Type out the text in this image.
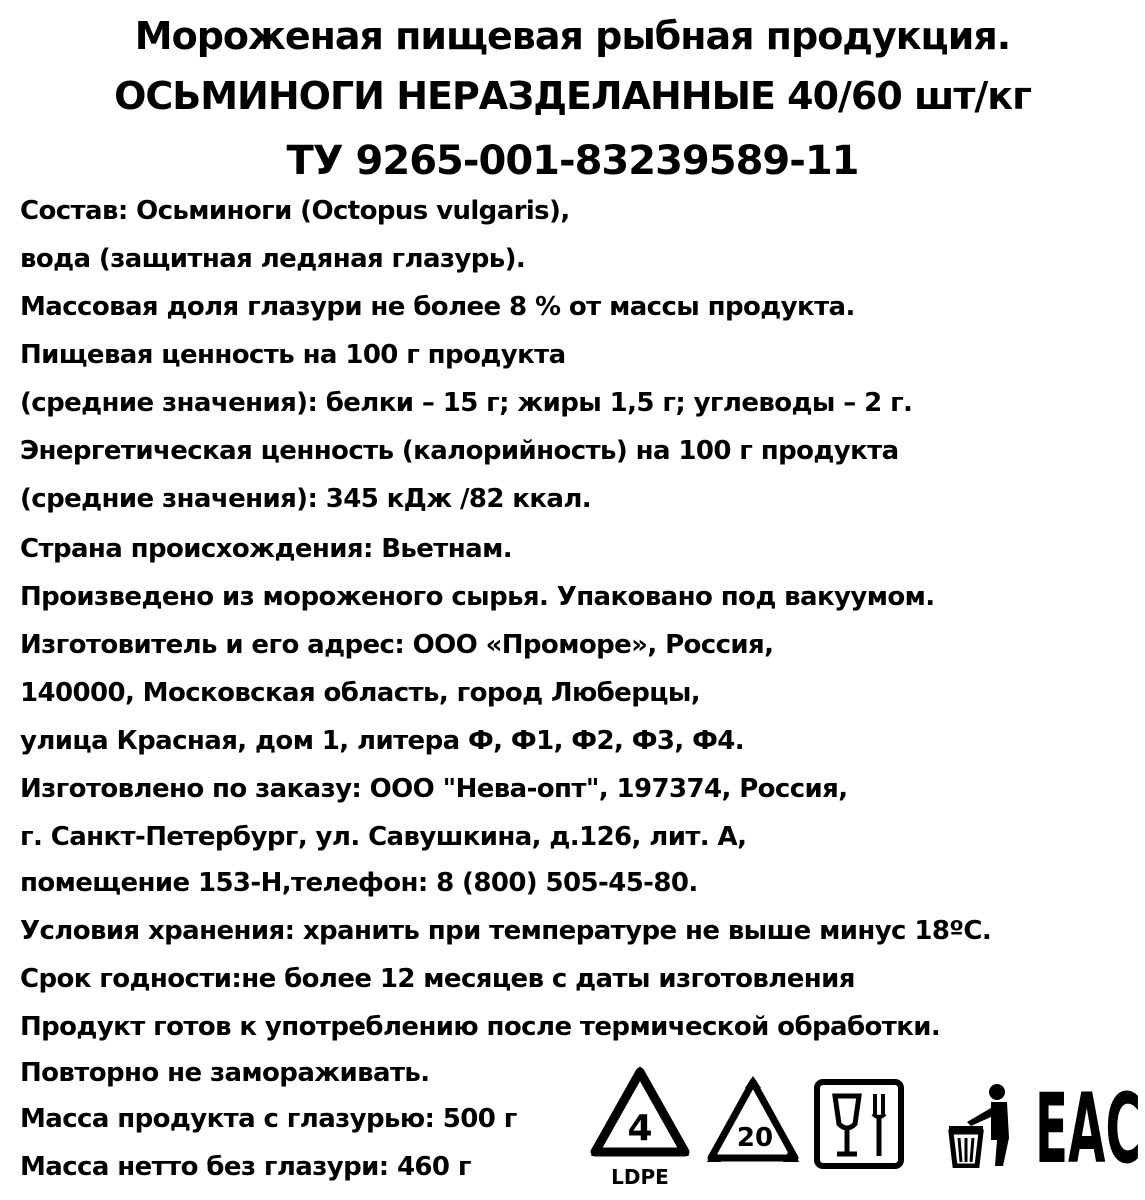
Мороженая пищевая рыбная продукция.
ОСЬМИНОГИ НЕРАЗДЕЛАННЫЕ 40/60 шт/кг
ТУ 9265-001-83239589-11
Состав: Осьминоги (Octopus vulgaris),
вода (защитная ледяная глазурь).
Массовая доля глазури не более 8 % от массы продукта.
Пищевая ценность на 100 г продукта
(средние значения): белки – 15 г; жиры 1,5 г; углеводы – 2 г.
Энергетическая ценность (калорийность) на 100 г продукта
(средние значения): 345 кДж /82 ккал.
Страна происхождения: Вьетнам.
Произведено из мороженого сырья. Упаковано под вакуумом.
Изготовитель и его адрес: ООО «Проморе», Россия,
140000, Московская область, город Люберцы,
улица Красная, дом 1, литера Ф, Ф1, Ф2, Ф3, Ф4.
Изготовлено по заказу: ООО "Нева-опт", 197374, Россия,
г. Санкт-Петербург, ул. Савушкина, д.126, лит. А,
помещение 153-Н,телефон: 8 (800) 505-45-80.
Условия хранения: хранить при температуре не выше минус 18ºC.
Срок годности:не более 12 месяцев с даты изготовления
Продукт готов к употреблению после термической обработки.
Повторно не замораживать.
Масса продукта с глазурью: 500 г
Масса нетто без глазури: 460 г
4
LDPE
20	EAC
